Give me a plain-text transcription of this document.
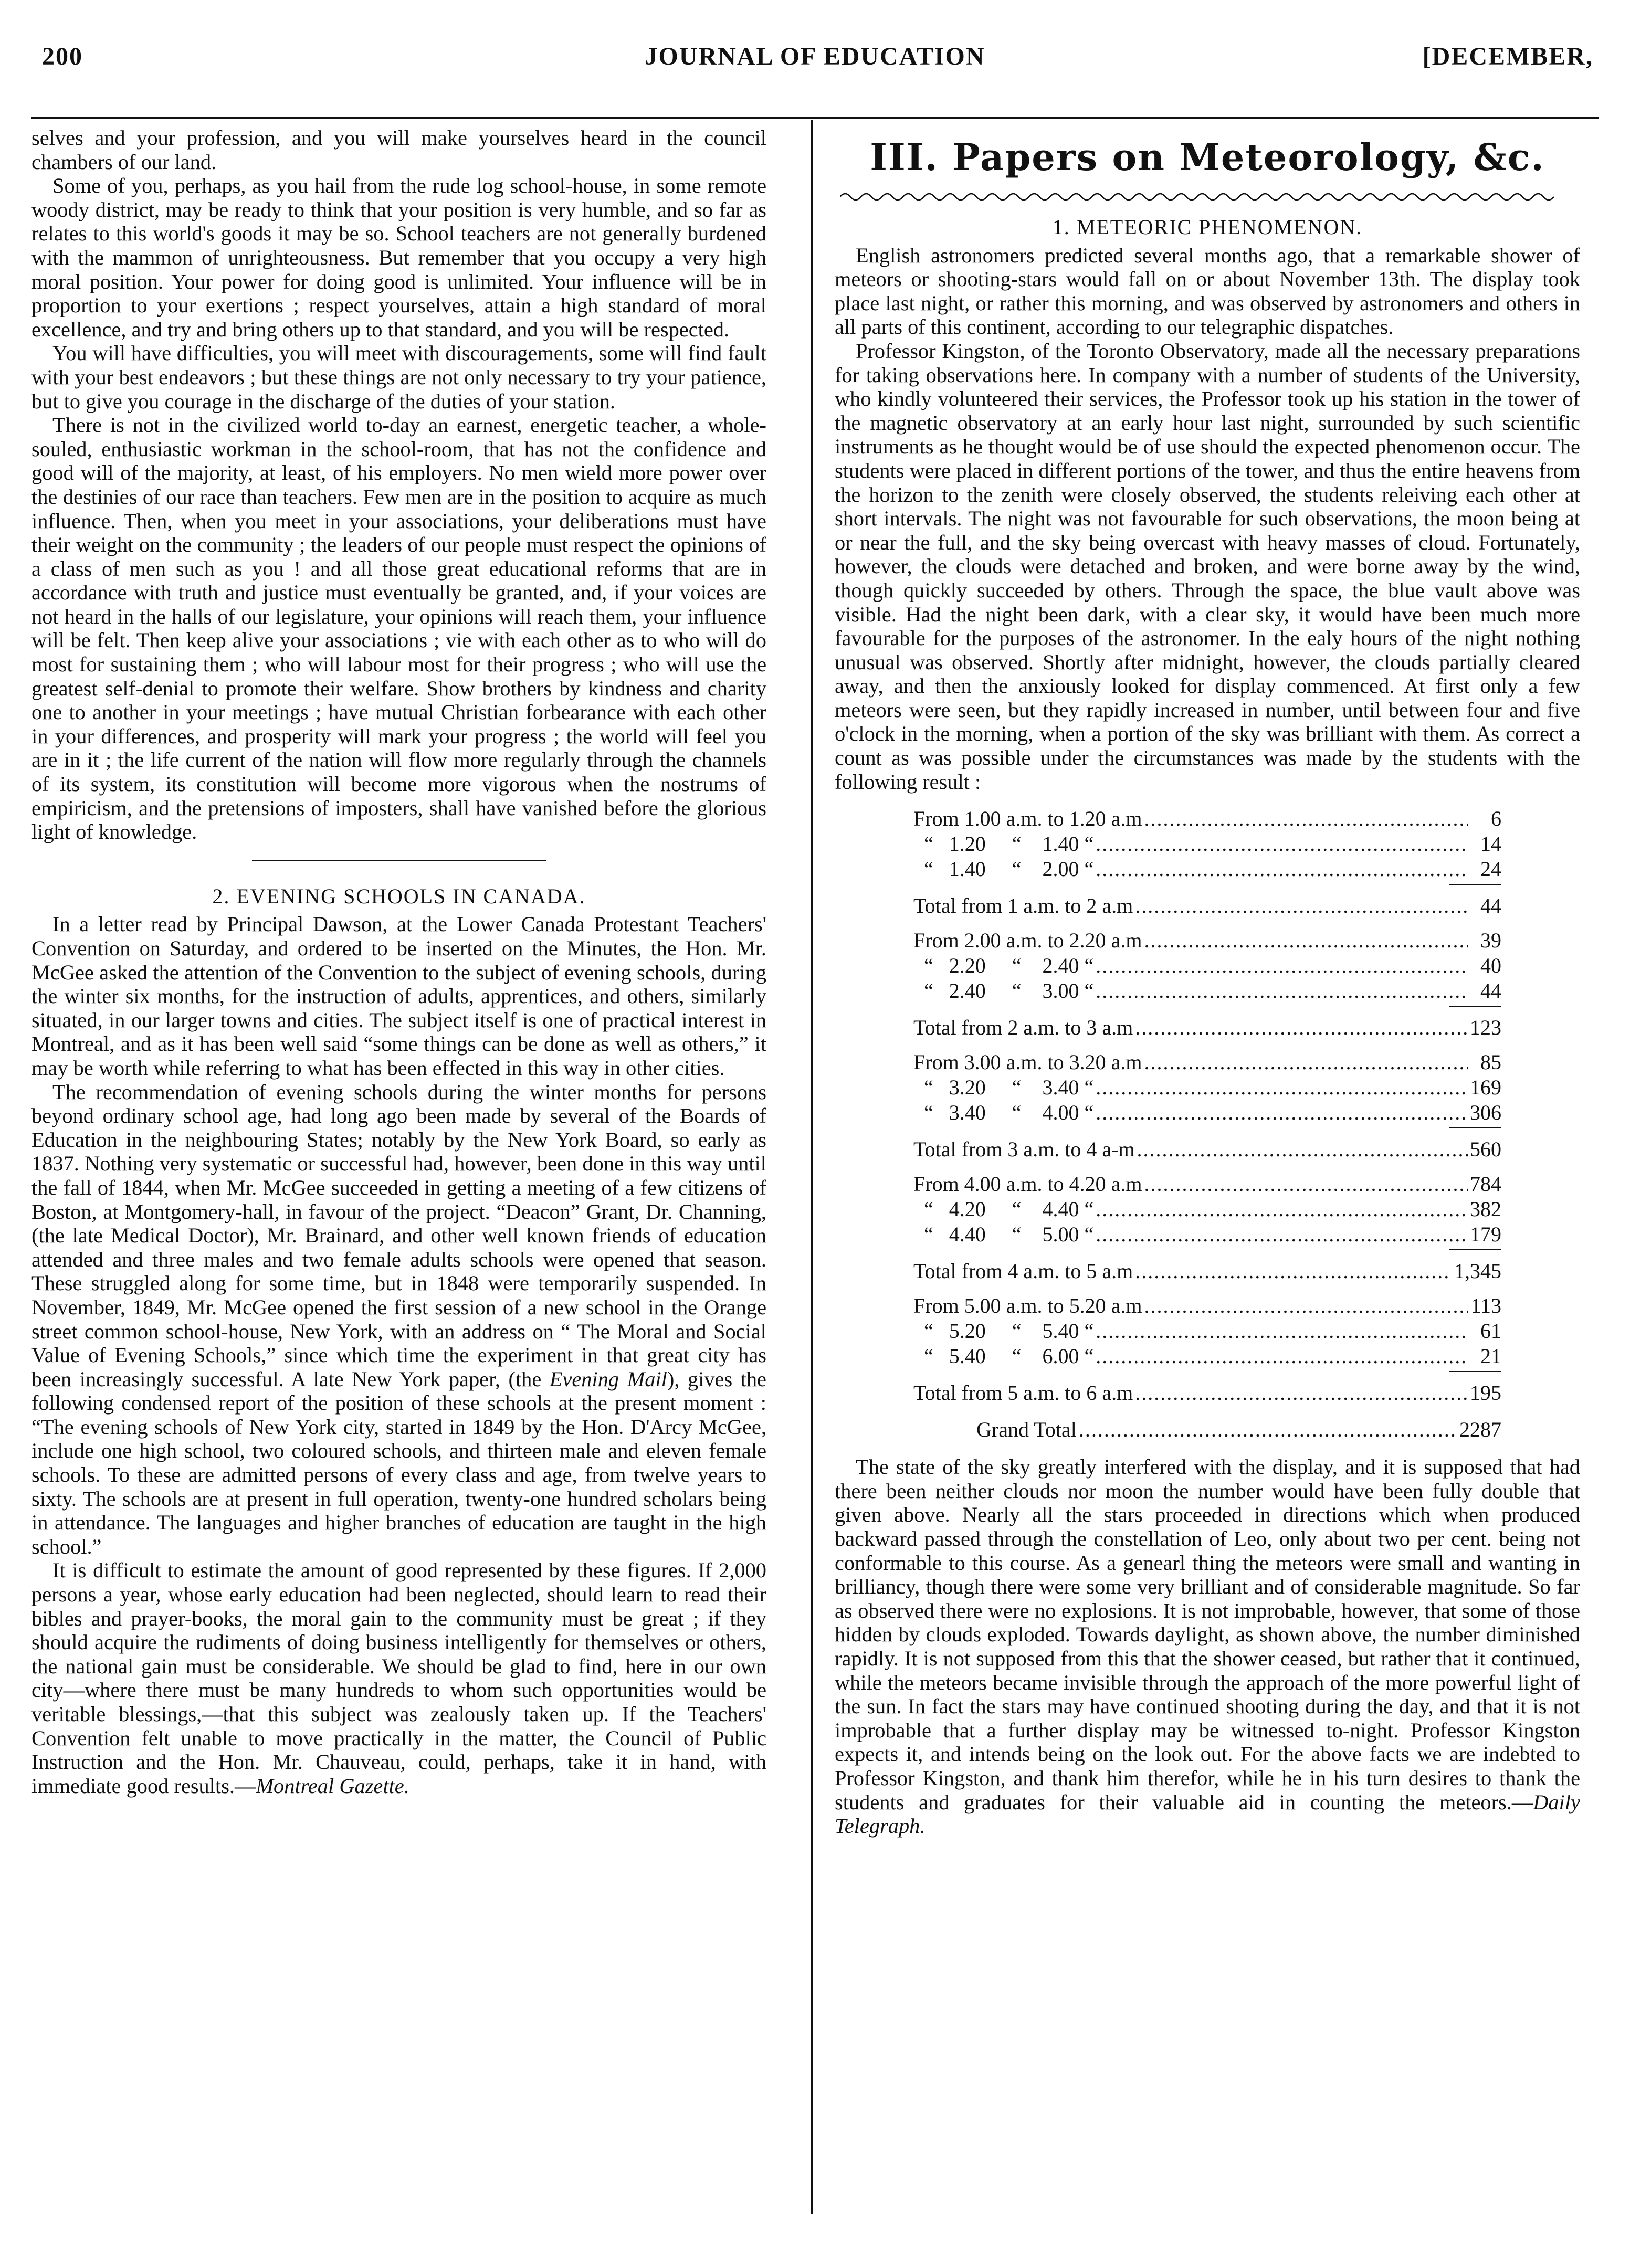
200	JOURNAL OF EDUCATION	[DECEMBER,

selves and your profession, and you will make yourselves heard in the council chambers of our land.

Some of you, perhaps, as you hail from the rude log school-house, in some remote woody district, may be ready to think that your position is very humble, and so far as relates to this world's goods it may be so. School teachers are not generally burdened with the mammon of unrighteousness. But remember that you occupy a very high moral position. Your power for doing good is unlimited. Your influence will be in proportion to your exertions ; respect yourselves, attain a high standard of moral excellence, and try and bring others up to that standard, and you will be respected.

You will have difficulties, you will meet with discouragements, some will find fault with your best endeavors ; but these things are not only necessary to try your patience, but to give you courage in the discharge of the duties of your station.

There is not in the civilized world to-day an earnest, energetic teacher, a whole-souled, enthusiastic workman in the school-room, that has not the confidence and good will of the majority, at least, of his employers. No men wield more power over the destinies of our race than teachers. Few men are in the position to acquire as much influence. Then, when you meet in your associations, your deliberations must have their weight on the community ; the leaders of our people must respect the opinions of a class of men such as you ! and all those great educational reforms that are in accordance with truth and justice must eventually be granted, and, if your voices are not heard in the halls of our legislature, your opinions will reach them, your influence will be felt. Then keep alive your associations ; vie with each other as to who will do most for sustaining them ; who will labour most for their progress ; who will use the greatest self-denial to promote their welfare. Show brothers by kindness and charity one to another in your meetings ; have mutual Christian forbearance with each other in your differences, and prosperity will mark your progress ; the world will feel you are in it ; the life current of the nation will flow more regularly through the channels of its system, its constitution will become more vigorous when the nostrums of empiricism, and the pretensions of imposters, shall have vanished before the glorious light of knowledge.

2. EVENING SCHOOLS IN CANADA.

In a letter read by Principal Dawson, at the Lower Canada Protestant Teachers' Convention on Saturday, and ordered to be inserted on the Minutes, the Hon. Mr. McGee asked the attention of the Convention to the subject of evening schools, during the winter six months, for the instruction of adults, apprentices, and others, similarly situated, in our larger towns and cities. The subject itself is one of practical interest in Montreal, and as it has been well said “some things can be done as well as others,” it may be worth while referring to what has been effected in this way in other cities.

The recommendation of evening schools during the winter months for persons beyond ordinary school age, had long ago been made by several of the Boards of Education in the neighbouring States; notably by the New York Board, so early as 1837. Nothing very systematic or successful had, however, been done in this way until the fall of 1844, when Mr. McGee succeeded in getting a meeting of a few citizens of Boston, at Montgomery-hall, in favour of the project. “Deacon” Grant, Dr. Channing, (the late Medical Doctor), Mr. Brainard, and other well known friends of education attended and three males and two female adults schools were opened that season. These struggled along for some time, but in 1848 were temporarily suspended. In November, 1849, Mr. McGee opened the first session of a new school in the Orange street common school-house, New York, with an address on “ The Moral and Social Value of Evening Schools,” since which time the experiment in that great city has been increasingly successful. A late New York paper, (the Evening Mail), gives the following condensed report of the position of these schools at the present moment : “The evening schools of New York city, started in 1849 by the Hon. D'Arcy McGee, include one high school, two coloured schools, and thirteen male and eleven female schools. To these are admitted persons of every class and age, from twelve years to sixty. The schools are at present in full operation, twenty-one hundred scholars being in attendance. The languages and higher branches of education are taught in the high school.”

It is difficult to estimate the amount of good represented by these figures. If 2,000 persons a year, whose early education had been neglected, should learn to read their bibles and prayer-books, the moral gain to the community must be great ; if they should acquire the rudiments of doing business intelligently for themselves or others, the national gain must be considerable. We should be glad to find, here in our own city—where there must be many hundreds to whom such opportunities would be veritable blessings,—that this subject was zealously taken up. If the Teachers' Convention felt unable to move practically in the matter, the Council of Public Instruction and the Hon. Mr. Chauveau, could, perhaps, take it in hand, with immediate good results.—Montreal Gazette.

III. Papers on Meteorology, &c.
1. METEORIC PHENOMENON.

English astronomers predicted several months ago, that a remarkable shower of meteors or shooting-stars would fall on or about November 13th. The display took place last night, or rather this morning, and was observed by astronomers and others in all parts of this continent, according to our telegraphic dispatches.

Professor Kingston, of the Toronto Observatory, made all the necessary preparations for taking observations here. In company with a number of students of the University, who kindly volunteered their services, the Professor took up his station in the tower of the magnetic observatory at an early hour last night, surrounded by such scientific instruments as he thought would be of use should the expected phenomenon occur. The students were placed in different portions of the tower, and thus the entire heavens from the horizon to the zenith were closely observed, the students releiving each other at short intervals. The night was not favourable for such observations, the moon being at or near the full, and the sky being overcast with heavy masses of cloud. Fortunately, however, the clouds were detached and broken, and were borne away by the wind, though quickly succeeded by others. Through the space, the blue vault above was visible. Had the night been dark, with a clear sky, it would have been much more favourable for the purposes of the astronomer. In the ealy hours of the night nothing unusual was observed. Shortly after midnight, however, the clouds partially cleared away, and then the anxiously looked for display commenced. At first only a few meteors were seen, but they rapidly increased in number, until between four and five o'clock in the morning, when a portion of the sky was brilliant with them. As correct a count as was possible under the circumstances was made by the students with the following result :

From 1.00 a.m. to 1.20 a.m .....	6
“   1.20     “    1.40 “ .....	14
“   1.40     “    2.00 “ .....	24
Total from 1 a.m. to 2 a.m .....	44
From 2.00 a.m. to 2.20 a.m .....	39
“   2.20     “    2.40 “ .....	40
“   2.40     “    3.00 “ .....	44
Total from 2 a.m. to 3 a.m .....	123
From 3.00 a.m. to 3.20 a.m .....	85
“   3.20     “    3.40 “ .....	169
“   3.40     “    4.00 “ .....	306
Total from 3 a.m. to 4 a-m .....	560
From 4.00 a.m. to 4.20 a.m .....	784
“   4.20     “    4.40 “ .....	382
“   4.40     “    5.00 “ .....	179
Total from 4 a.m. to 5 a.m .....	1,345
From 5.00 a.m. to 5.20 a.m .....	113
“   5.20     “    5.40 “ .....	61
“   5.40     “    6.00 “ .....	21
Total from 5 a.m. to 6 a.m .....	195
Grand Total .....	2287

The state of the sky greatly interfered with the display, and it is supposed that had there been neither clouds nor moon the number would have been fully double that given above. Nearly all the stars proceeded in directions which when produced backward passed through the constellation of Leo, only about two per cent. being not conformable to this course. As a genearl thing the meteors were small and wanting in brilliancy, though there were some very brilliant and of considerable magnitude. So far as observed there were no explosions. It is not improbable, however, that some of those hidden by clouds exploded. Towards daylight, as shown above, the number diminished rapidly. It is not supposed from this that the shower ceased, but rather that it continued, while the meteors became invisible through the approach of the more powerful light of the sun. In fact the stars may have continued shooting during the day, and that it is not improbable that a further display may be witnessed to-night. Professor Kingston expects it, and intends being on the look out. For the above facts we are indebted to Professor Kingston, and thank him therefor, while he in his turn desires to thank the students and graduates for their valuable aid in counting the meteors.—Daily Telegraph.
